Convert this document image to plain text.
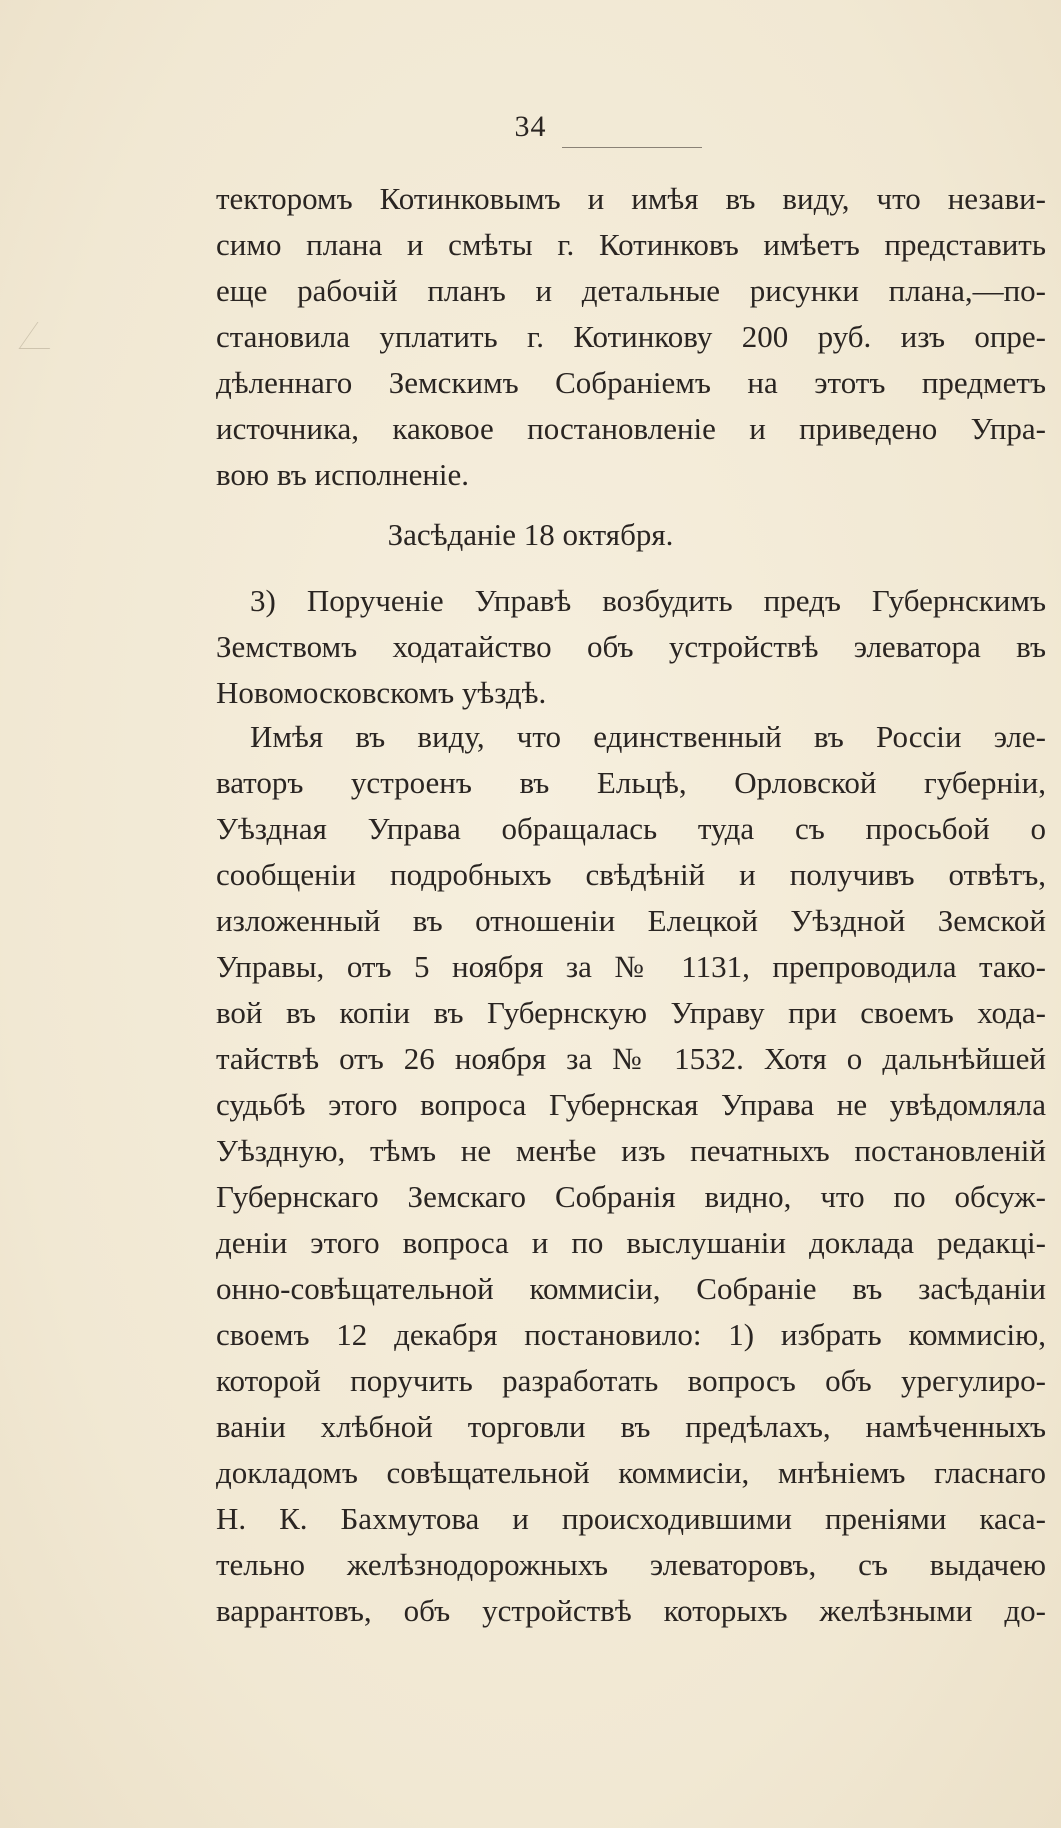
34
текторомъ Котинковымъ и имѣя въ виду, что незави-
симо плана и смѣты г. Котинковъ имѣетъ представить
еще рабочій планъ и детальные рисунки плана,—по-
становила уплатить г. Котинкову 200 руб. изъ опре-
дѣленнаго Земскимъ Собраніемъ на этотъ предметъ
источника, каковое постановленіе и приведено Упра-
вою въ исполненіе.
Засѣданіе 18 октября.
3) Порученіе Управѣ возбудить предъ Губернскимъ
Земствомъ ходатайство объ устройствѣ элеватора въ
Новомосковскомъ уѣздѣ.
Имѣя въ виду, что единственный въ Россіи эле-
ваторъ устроенъ въ Ельцѣ, Орловской губерніи,
Уѣздная Управа обращалась туда съ просьбой о
сообщеніи подробныхъ свѣдѣній и получивъ отвѣтъ,
изложенный въ отношеніи Елецкой Уѣздной Земской
Управы, отъ 5 ноября за № 1131, препроводила тако-
вой въ копіи въ Губернскую Управу при своемъ хода-
тайствѣ отъ 26 ноября за № 1532. Хотя о дальнѣйшей
судьбѣ этого вопроса Губернская Управа не увѣдомляла
Уѣздную, тѣмъ не менѣе изъ печатныхъ постановленій
Губернскаго Земскаго Собранія видно, что по обсуж-
деніи этого вопроса и по выслушаніи доклада редакці-
онно-совѣщательной коммисіи, Собраніе въ засѣданіи
своемъ 12 декабря постановило: 1) избрать коммисію,
которой поручить разработать вопросъ объ урегулиро-
ваніи хлѣбной торговли въ предѣлахъ, намѣченныхъ
докладомъ совѣщательной коммисіи, мнѣніемъ гласнаго
Н. К. Бахмутова и происходившими преніями каса-
тельно желѣзнодорожныхъ элеваторовъ, съ выдачею
варрантовъ, объ устройствѣ которыхъ желѣзными до-
